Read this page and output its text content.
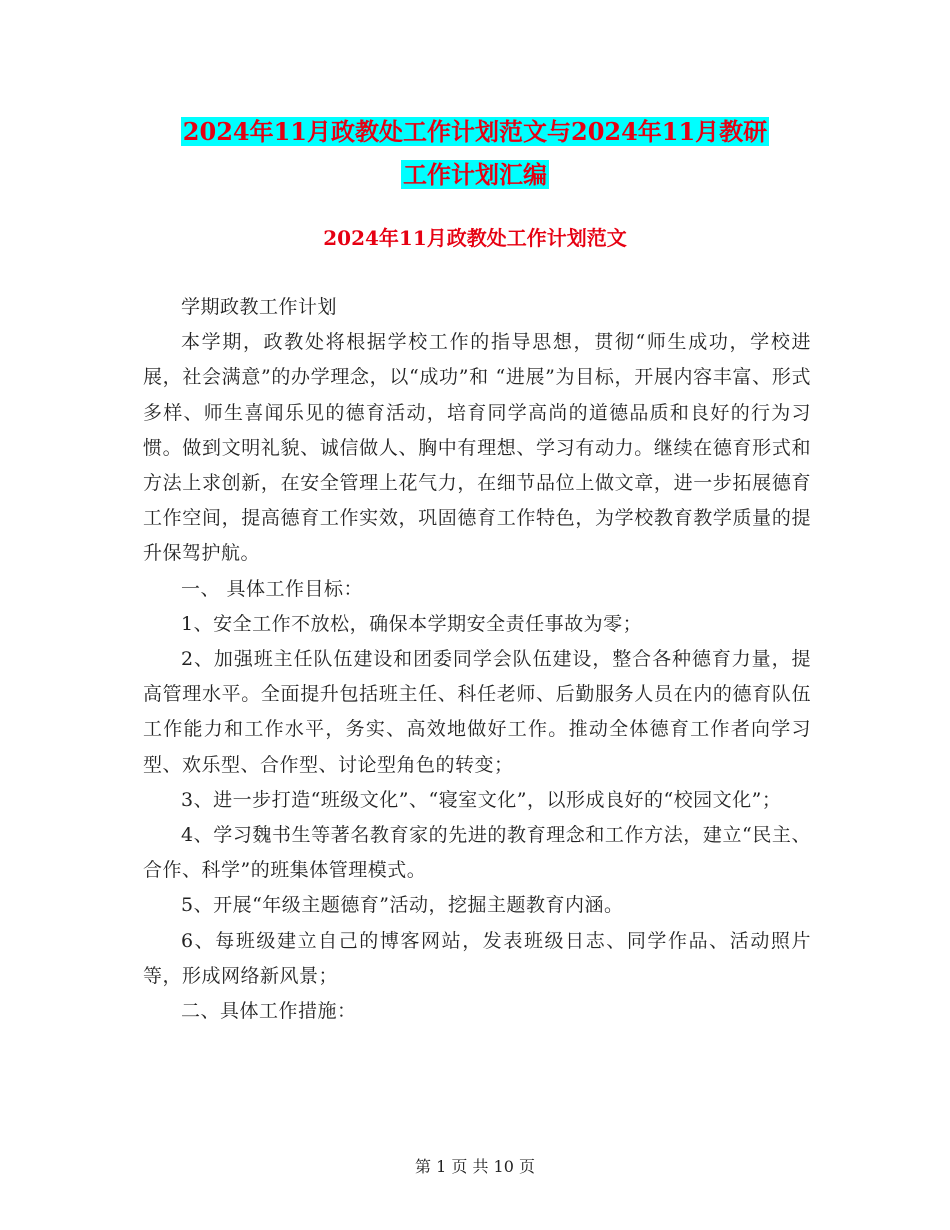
2024年11月政教处工作计划范文与2024年11月教研
工作计划汇编
2024年11月政教处工作计划范文

学期政教工作计划

本学期，政教处将根据学校工作的指导思想，贯彻“师生成功，学校进展，社会满意”的办学理念，以“成功”和 “进展”为目标，开展内容丰富、形式多样、师生喜闻乐见的德育活动，培育同学高尚的道德品质和良好的行为习惯。做到文明礼貌、诚信做人、胸中有理想、学习有动力。继续在德育形式和方法上求创新，在安全管理上花气力，在细节品位上做文章，进一步拓展德育工作空间，提高德育工作实效，巩固德育工作特色，为学校教育教学质量的提升保驾护航。

一、 具体工作目标：

1、安全工作不放松，确保本学期安全责任事故为零；

2、加强班主任队伍建设和团委同学会队伍建设，整合各种德育力量，提高管理水平。全面提升包括班主任、科任老师、后勤服务人员在内的德育队伍工作能力和工作水平，务实、高效地做好工作。推动全体德育工作者向学习型、欢乐型、合作型、讨论型角色的转变；

3、进一步打造“班级文化”、“寝室文化”，以形成良好的“校园文化”；

4、学习魏书生等著名教育家的先进的教育理念和工作方法，建立“民主、合作、科学”的班集体管理模式。

5、开展“年级主题德育”活动，挖掘主题教育内涵。

6、每班级建立自己的博客网站，发表班级日志、同学作品、活动照片等，形成网络新风景；

二、具体工作措施：

第 1 页 共 10 页
